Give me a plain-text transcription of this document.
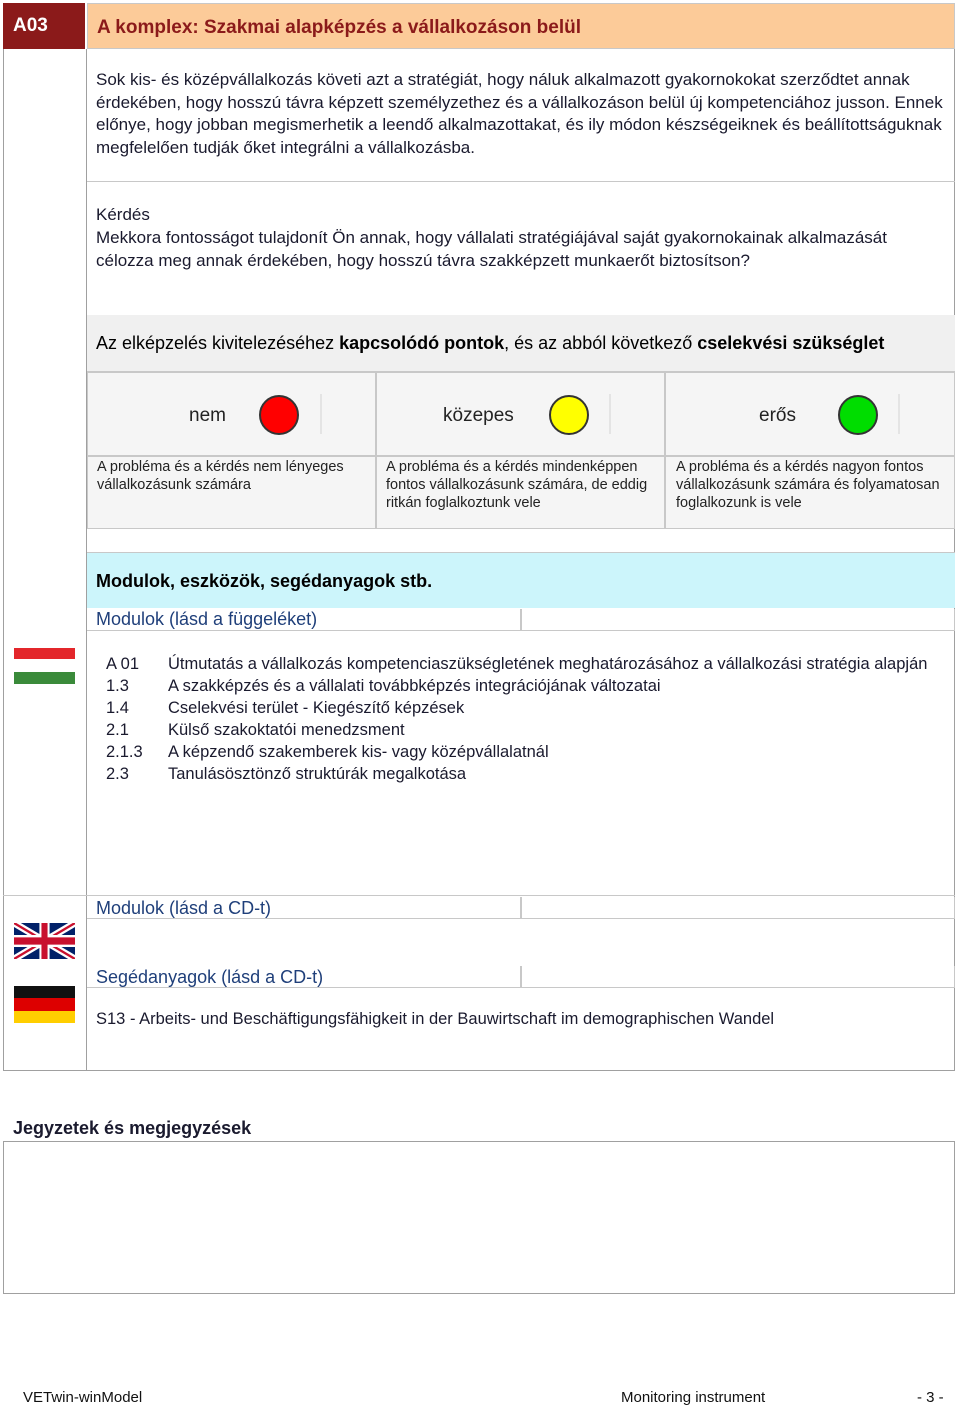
A03	A komplex: Szakmai alapképzés a vállalkozáson belül
Sok kis- és középvállalkozás követi azt a stratégiát, hogy náluk alkalmazott gyakornokokat szerződtet annak érdekében, hogy hosszú távra képzett személyzethez és a vállalkozáson belül új kompetenciához jusson. Ennek előnye, hogy jobban megismerhetik a leendő alkalmazottakat, és ily módon készségeiknek és beállítottságuknak megfelelően tudják őket integrálni a vállalkozásba.
Kérdés
Mekkora fontosságot tulajdonít Ön annak, hogy vállalati stratégiájával saját gyakornokainak alkalmazását célozza meg annak érdekében, hogy hosszú távra szakképzett munkaerőt biztosítson?
Az elképzelés kivitelezéséhez kapcsolódó pontok, és az abból következő cselekvési szükséglet
nem	közepes	erős
A probléma és a kérdés nem lényeges vállalkozásunk számára
A probléma és a kérdés mindenképpen fontos vállalkozásunk számára, de eddig ritkán foglalkoztunk vele
A probléma és a kérdés nagyon fontos vállalkozásunk számára és folyamatosan foglalkozunk is vele
Modulok, eszközök, segédanyagok stb.
Modulok (lásd a függeléket)
A 01	Útmutatás a vállalkozás kompetenciaszükségletének meghatározásához a vállalkozási stratégia alapján
1.3	A szakképzés és a vállalati továbbképzés integrációjának változatai
1.4	Cselekvési terület - Kiegészítő képzések
2.1	Külső szakoktatói menedzsment
2.1.3	A képzendő szakemberek kis- vagy középvállalatnál
2.3	Tanulásösztönző struktúrák megalkotása
Modulok (lásd a CD-t)
Segédanyagok (lásd a CD-t)
S13 - Arbeits- und Beschäftigungsfähigkeit in der Bauwirtschaft im demographischen Wandel
Jegyzetek és megjegyzések
VETwin-winModel	Monitoring instrument	- 3 -
